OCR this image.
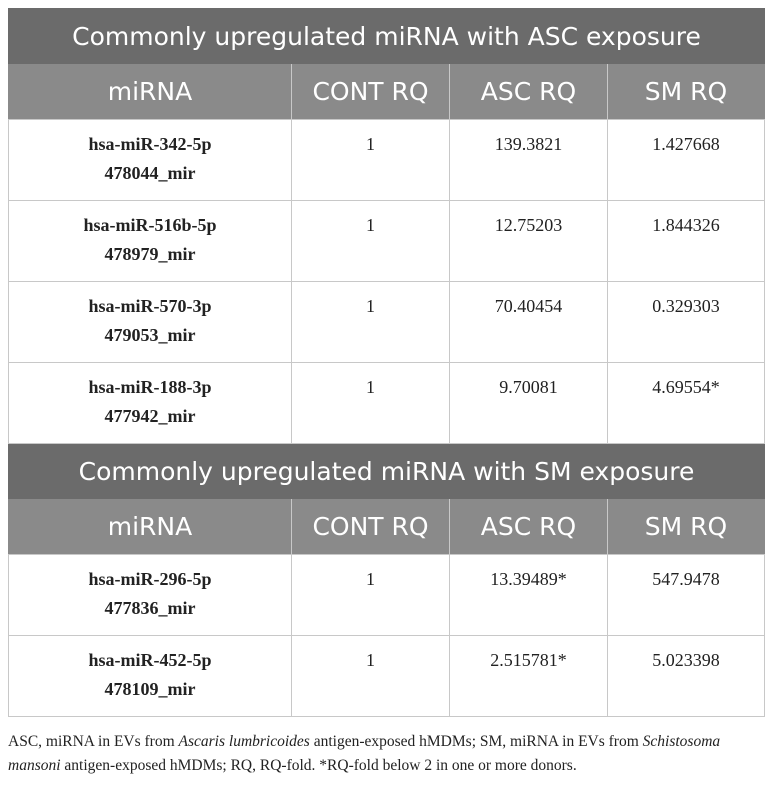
Commonly upregulated miRNA with ASC exposure			
miRNA	CONT RQ	ASC RQ	SM RQ

hsa-miR-342-5p
478044_mir	1	139.3821	1.427668

hsa-miR-516b-5p
478979_mir	1	12.75203	1.844326

hsa-miR-570-3p
479053_mir	1	70.40454	0.329303

hsa-miR-188-3p
477942_mir	1	9.70081	4.69554*
Commonly upregulated miRNA with SM exposure			
miRNA	CONT RQ	ASC RQ	SM RQ

hsa-miR-296-5p
477836_mir	1	13.39489*	547.9478

hsa-miR-452-5p
478109_mir	1	2.515781*	5.023398
ASC, miRNA in EVs from Ascaris lumbricoides antigen-exposed hMDMs; SM, miRNA in EVs from Schistosoma mansoni antigen-exposed hMDMs; RQ, RQ-fold. *RQ-fold below 2 in one or more donors.
